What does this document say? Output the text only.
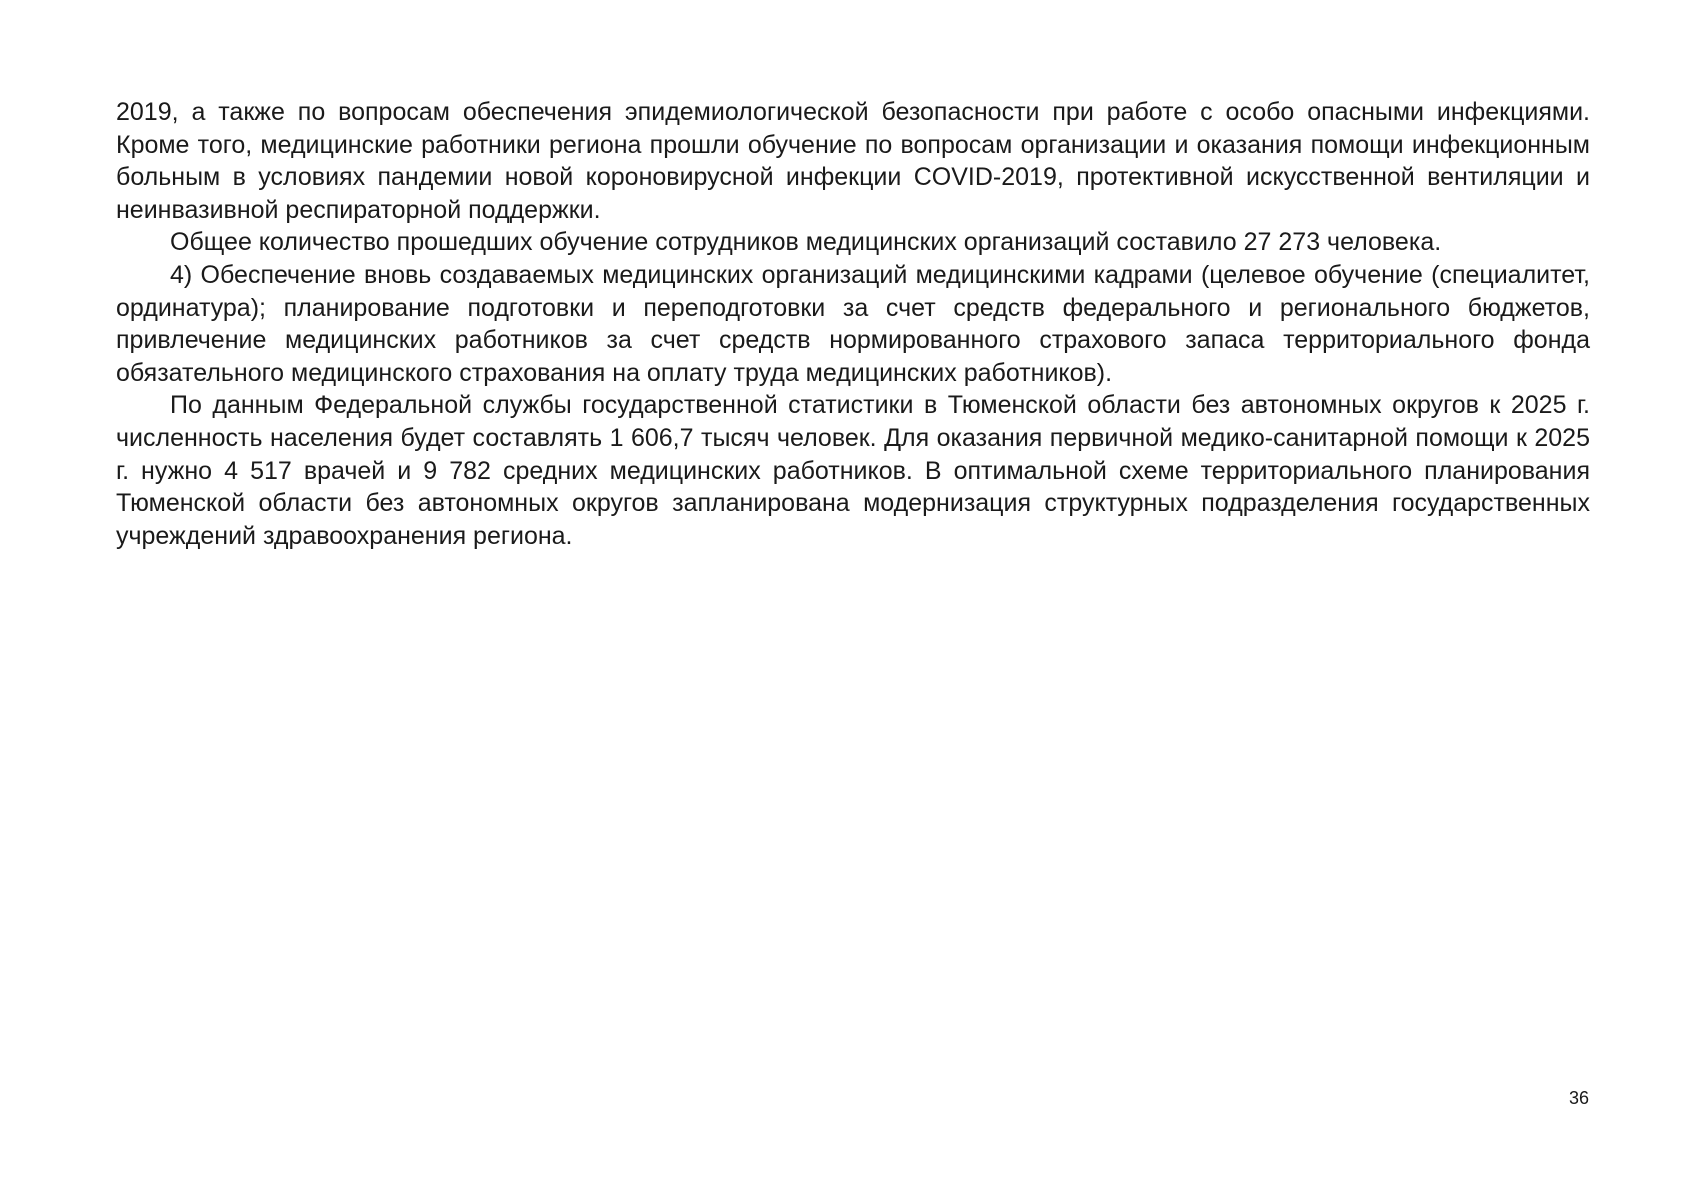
2019, а также по вопросам обеспечения эпидемиологической безопасности при работе с особо опасными инфекциями. Кроме того, медицинские работники региона прошли обучение по вопросам организации и оказания помощи инфекционным больным в условиях пандемии новой короновирусной инфекции COVID-2019, протективной искусственной вентиляции и неинвазивной респираторной поддержки.

Общее количество прошедших обучение сотрудников медицинских организаций составило 27 273 человека.

4) Обеспечение вновь создаваемых медицинских организаций медицинскими кадрами (целевое обучение (специалитет, ординатура); планирование подготовки и переподготовки за счет средств федерального и регионального бюджетов, привлечение медицинских работников за счет средств нормированного страхового запаса территориального фонда обязательного медицинского страхования на оплату труда медицинских работников).

По данным Федеральной службы государственной статистики в Тюменской области без автономных округов к 2025 г. численность населения будет составлять 1 606,7 тысяч человек. Для оказания первичной медико-санитарной помощи к 2025 г. нужно 4 517 врачей и 9 782 средних медицинских работников. В оптимальной схеме территориального планирования Тюменской области без автономных округов запланирована модернизация структурных подразделения государственных учреждений здравоохранения региона.

36
